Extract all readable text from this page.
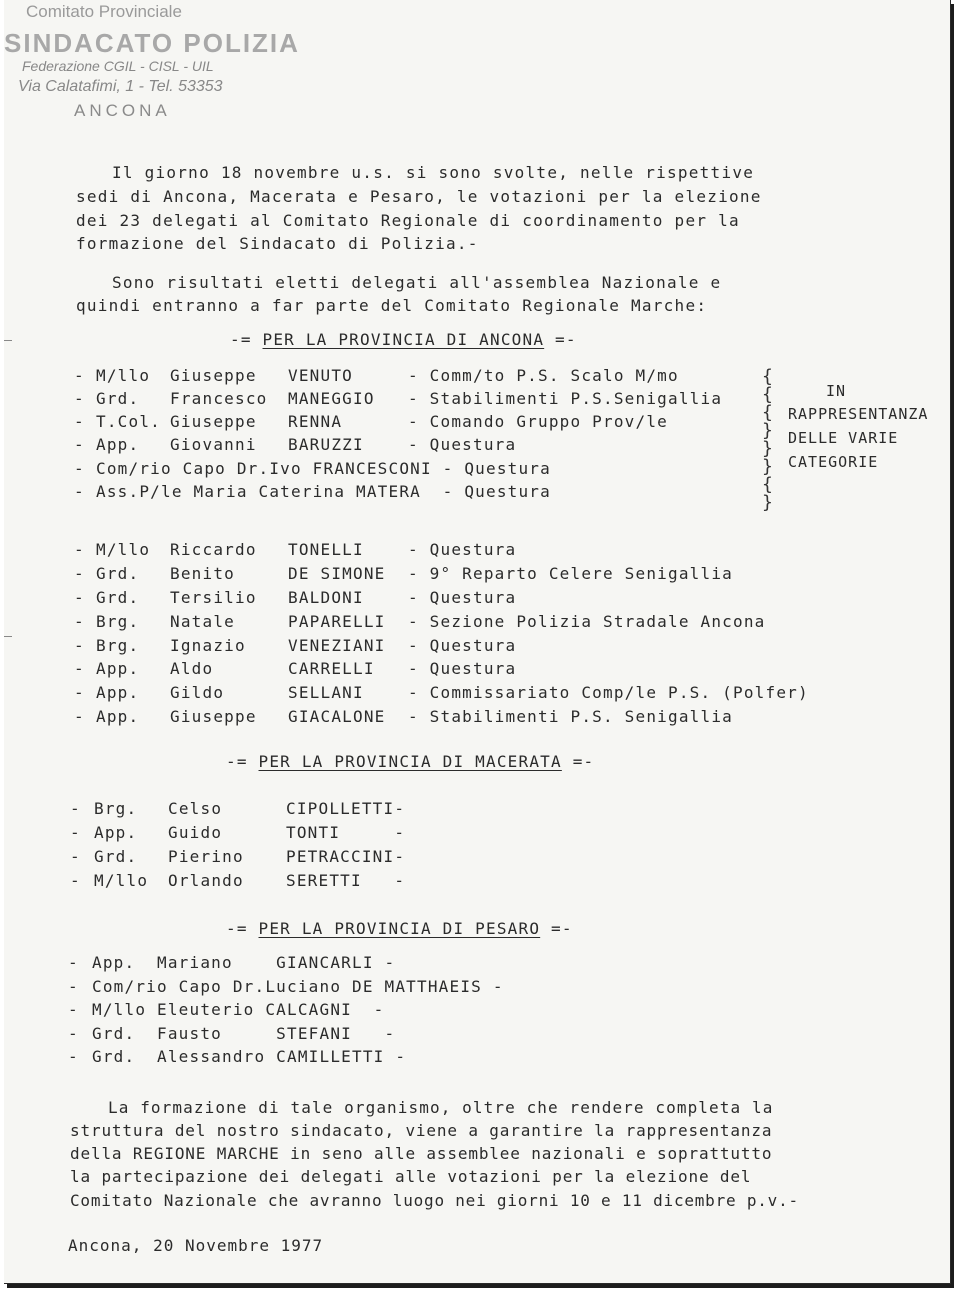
Comitato Provinciale
SINDACATO POLIZIA
Federazione CGIL - CISL - UIL
Via Calatafimi, 1 - Tel. 53353
ANCONA
Il giorno 18 novembre u.s. si sono svolte, nelle rispettive
sedi di Ancona, Macerata e Pesaro, le votazioni per la elezione
dei 23 delegati al Comitato Regionale di coordinamento per la
formazione del Sindacato di Polizia.-
Sono risultati eletti delegati all'assemblea Nazionale e
quindi entranno a far parte del Comitato Regionale Marche:
-= PER LA PROVINCIA DI ANCONA =-
- M/llo Giuseppe VENUTO	- Comm/to P.S. Scalo M/mo
- Grd. Francesco MANEGGIO - Stabilimenti P.S.Senigallia
- T.Col. Giuseppe RENNA	- Comando Gruppo Prov/le
- App. Giovanni BARUZZI	- Questura
- Com/rio Capo Dr.Ivo FRANCESCONI - Questura
- Ass.P/le Maria Caterina MATERA  - Questura
{
{
{
}
}
}
{
}
IN
RAPPRESENTANZA
DELLE VARIE
CATEGORIE
- M/llo Riccardo TONELLI	- Questura
- Grd. Benito	DE SIMONE - 9° Reparto Celere Senigallia
- Grd. Tersilio BALDONI	- Questura
- Brg. Natale	PAPARELLI - Sezione Polizia Stradale Ancona
- Brg. Ignazio	VENEZIANI - Questura
- App. Aldo	CARRELLI - Questura
- App. Gildo	SELLANI	- Commissariato Comp/le P.S. (Polfer)
- App. Giuseppe GIACALONE - Stabilimenti P.S. Senigallia
-= PER LA PROVINCIA DI MACERATA =-
- Brg. Celso	CIPOLLETTI-
- App. Guido	TONTI     -
- Grd. Pierino	PETRACCINI-
- M/llo Orlando	SERETTI   -
-= PER LA PROVINCIA DI PESARO =-
- App.  Mariano    GIANCARLI -
- Com/rio Capo Dr.Luciano DE MATTHAEIS -
- M/llo Eleuterio CALCAGNI  -
- Grd.  Fausto     STEFANI   -
- Grd.  Alessandro CAMILLETTI -
La formazione di tale organismo, oltre che rendere completa la
struttura del nostro sindacato, viene a garantire la rappresentanza
della REGIONE MARCHE in seno alle assemblee nazionali e soprattutto
la partecipazione dei delegati alle votazioni per la elezione del
Comitato Nazionale che avranno luogo nei giorni 10 e 11 dicembre p.v.-
Ancona, 20 Novembre 1977
